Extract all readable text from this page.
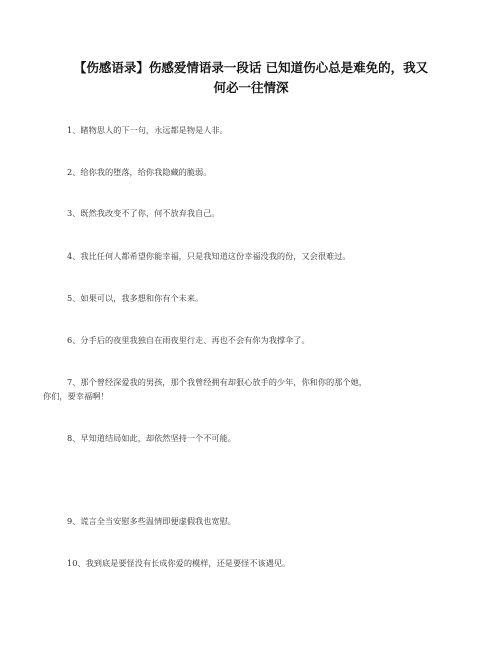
【伤感语录】伤感爱情语录一段话 已知道伤心总是难免的，我又
何必一往情深
1、睹物思人的下一句，永远都是物是人非。
2、给你我的堕落，给你我隐藏的脆弱。
3、既然我改变不了你，何不放弃我自己。
4、我比任何人都希望你能幸福，只是我知道这份幸福没我的份，又会很难过。
5、如果可以，我多想和你有个未来。
6、分手后的夜里我独自在雨夜里行走、再也不会有你为我撑伞了。
7、那个曾经深爱我的男孩，那个我曾经拥有却狠心放手的少年，你和你的那个她，
你们，要幸福啊！
8、早知道结局如此，却依然坚持一个不可能。
9、谎言全当安慰多些温情即便虚假我也宽慰。
10、我到底是要怪没有长成你爱的模样，还是要怪不该遇见。
